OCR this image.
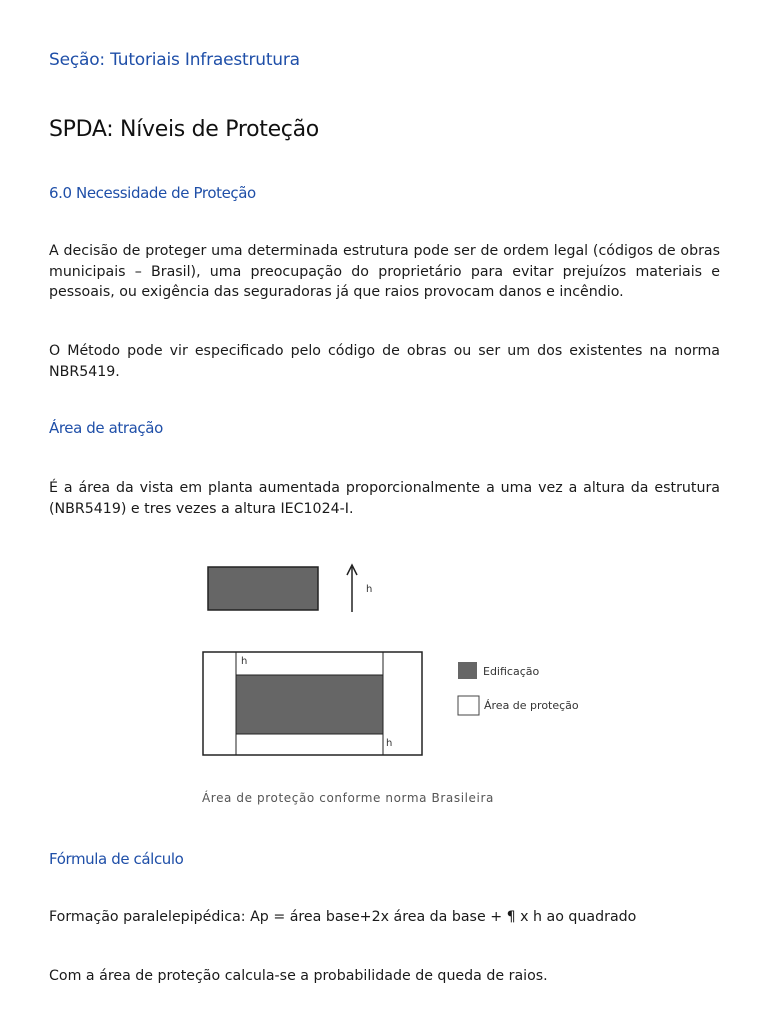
Seção: Tutoriais Infraestrutura
SPDA: Níveis de Proteção
6.0 Necessidade de Proteção
A decisão de proteger uma determinada estrutura pode ser de ordem legal (códigos de obras municipais – Brasil), uma preocupação do proprietário para evitar prejuízos materiais e pessoais, ou exigência das seguradoras já que raios provocam danos e incêndio.
O Método pode vir especificado pelo código de obras ou ser um dos existentes na norma NBR5419.
Área de atração
É a área da vista em planta aumentada proporcionalmente a uma vez a altura da estrutura (NBR5419) e tres vezes a altura IEC1024-I.
h
h
h
Edificação
Área de proteção
Área de proteção conforme norma Brasileira
Fórmula de cálculo
Formação paralelepipédica: Ap = área base+2x área da base + ¶ x h ao quadrado
Com a área de proteção calcula-se a probabilidade de queda de raios.
